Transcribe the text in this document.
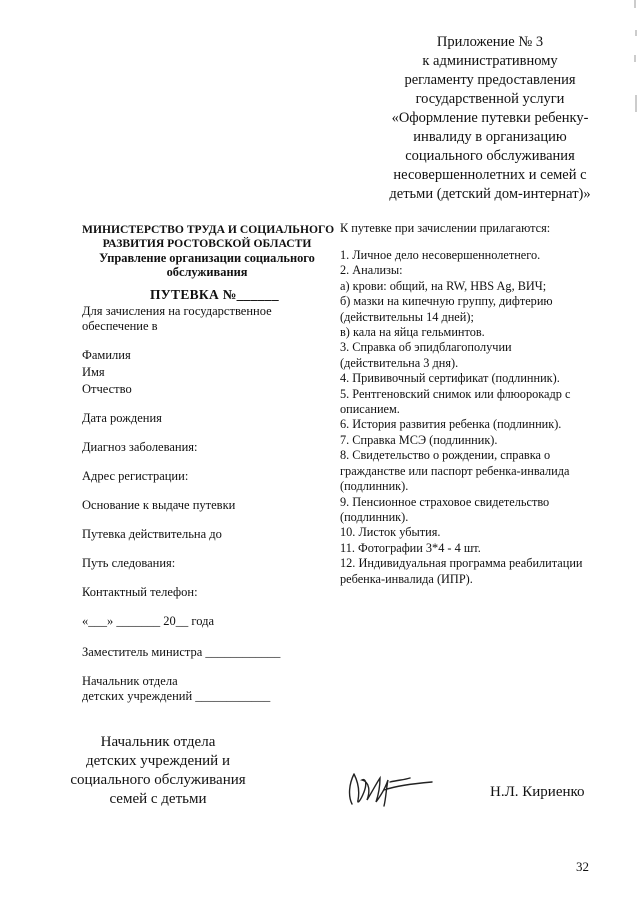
Приложение № 3
к административному
регламенту предоставления
государственной услуги
«Оформление путевки ребенку-
инвалиду в организацию
социального обслуживания
несовершеннолетних и семей с
детьми (детский дом-интернат)»
МИНИСТЕРСТВО ТРУДА И СОЦИАЛЬНОГО
РАЗВИТИЯ РОСТОВСКОЙ ОБЛАСТИ
Управление организации социального
обслуживания
ПУТЕВКА №______
Для зачисления на государственное
обеспечение в
Фамилия
Имя
Отчество
Дата рождения
Диагноз заболевания:
Адрес регистрации:
Основание к выдаче путевки
Путевка действительна до
Путь следования:
Контактный телефон:
«___» _______ 20__ года
Заместитель министра ____________
Начальник отдела
детских учреждений ____________
К путевке при зачислении прилагаются:
1. Личное дело несовершеннолетнего.
2. Анализы:
а) крови: общий, на RW, HBS Ag, ВИЧ;
б) мазки на кипечную группу, дифтерию
(действительны 14 дней);
в) кала на яйца гельминтов.
3. Справка об эпидблагополучии
(действительна 3 дня).
4. Прививочный сертификат (подлинник).
5. Рентгеновский снимок или флюорокадр с
описанием.
6. История развития ребенка (подлинник).
7. Справка МСЭ (подлинник).
8. Свидетельство о рождении, справка о
гражданстве или паспорт ребенка-инвалида
(подлинник).
9. Пенсионное страховое свидетельство
(подлинник).
10. Листок убытия.
11. Фотографии 3*4 - 4 шт.
12. Индивидуальная программа реабилитации
ребенка-инвалида (ИПР).
Начальник отдела
детских учреждений и
социального обслуживания
семей с детьми	Н.Л. Кириенко
32
